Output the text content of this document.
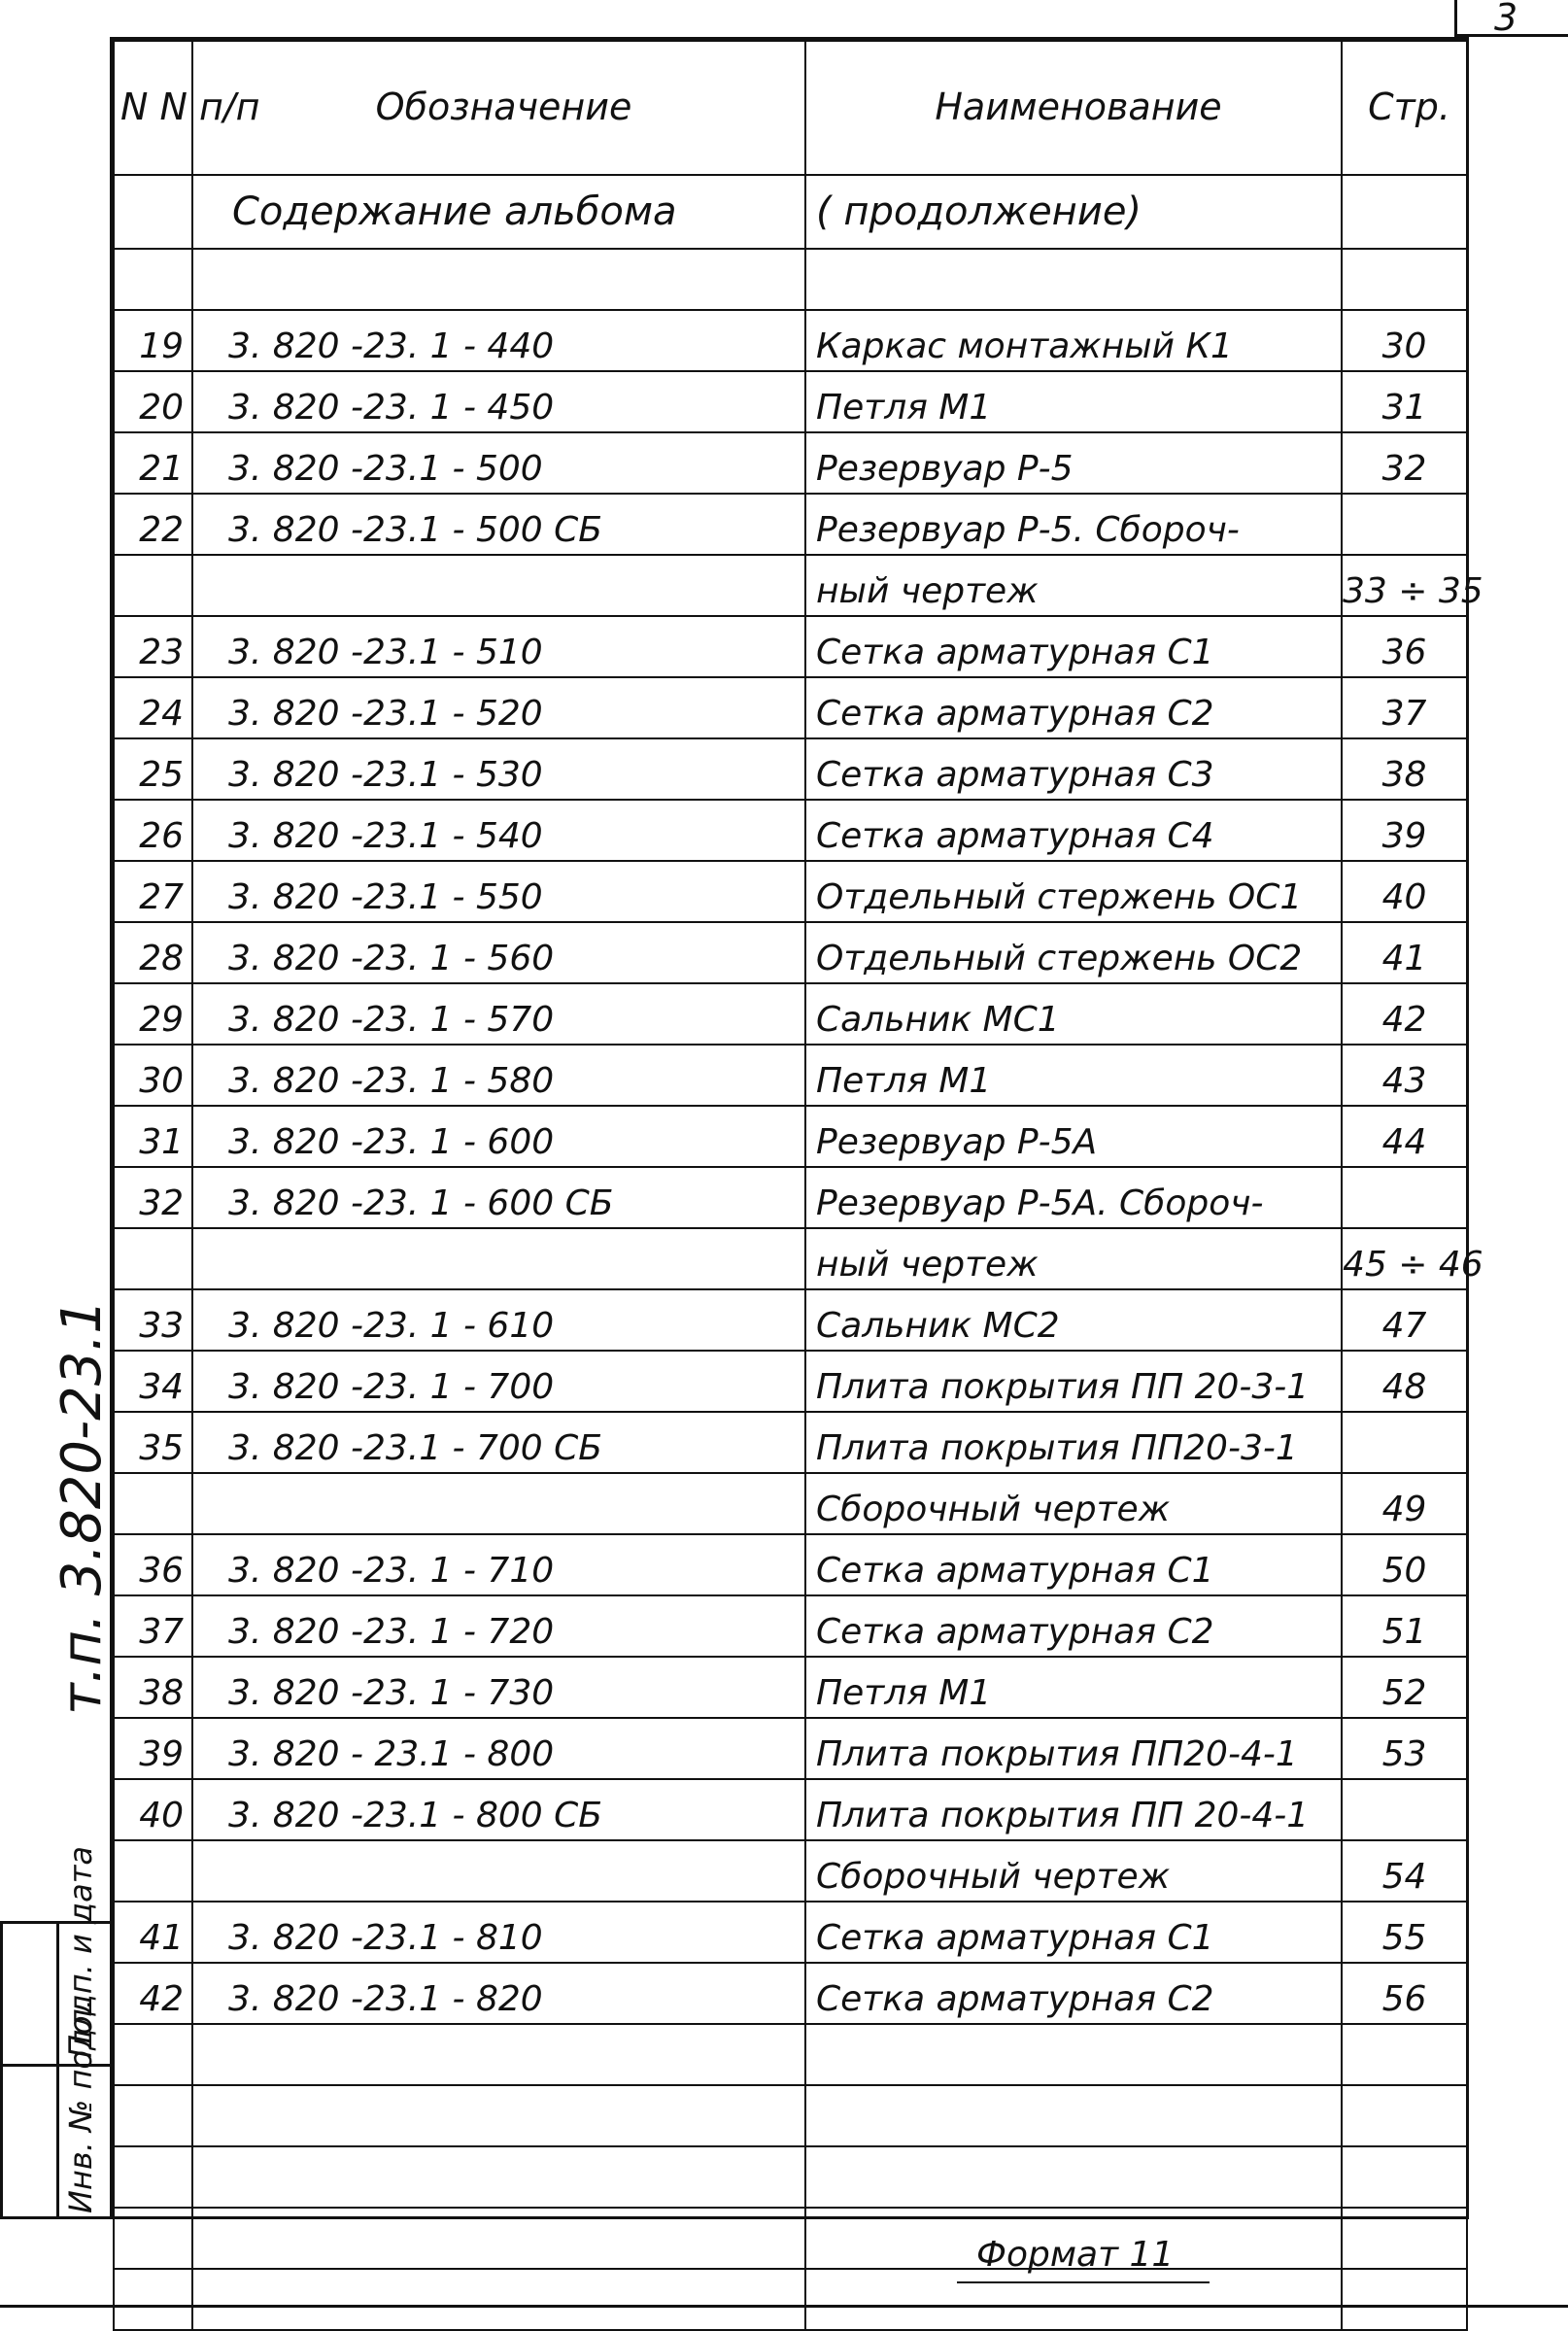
3
N N п/п	Обозначение	Наименование	Стр.
	Содержание альбома	( продолжение)	

19	3. 820 -23. 1 - 440	Каркас монтажный К1	30
20	3. 820 -23. 1 - 450	Петля М1	31
21	3. 820 -23.1 - 500	Резервуар Р-5	32
22	3. 820 -23.1 - 500 СБ	Резервуар Р-5. Сбороч-	
		ный чертеж	33 ÷ 35
23	3. 820 -23.1 - 510	Сетка арматурная С1	36
24	3. 820 -23.1 - 520	Сетка арматурная С2	37
25	3. 820 -23.1 - 530	Сетка арматурная С3	38
26	3. 820 -23.1 - 540	Сетка арматурная С4	39
27	3. 820 -23.1 - 550	Отдельный стержень ОС1	40
28	3. 820 -23. 1 - 560	Отдельный стержень ОС2	41
29	3. 820 -23. 1 - 570	Сальник МС1	42
30	3. 820 -23. 1 - 580	Петля М1	43
31	3. 820 -23. 1 - 600	Резервуар Р-5А	44
32	3. 820 -23. 1 - 600 СБ	Резервуар Р-5А. Сбороч-	
		ный чертеж	45 ÷ 46
33	3. 820 -23. 1 - 610	Сальник МС2	47
34	3. 820 -23. 1 - 700	Плита покрытия ПП 20-3-1	48
35	3. 820 -23.1 - 700 СБ	Плита покрытия ПП20-3-1	
		Сборочный чертеж	49
36	3. 820 -23. 1 - 710	Сетка арматурная С1	50
37	3. 820 -23. 1 - 720	Сетка арматурная С2	51
38	3. 820 -23. 1 - 730	Петля М1	52
39	3. 820 - 23.1 - 800	Плита покрытия ПП20-4-1	53
40	3. 820 -23.1 - 800 СБ	Плита покрытия ПП 20-4-1	
		Сборочный чертеж	54
41	3. 820 -23.1 - 810	Сетка арматурная С1	55
42	3. 820 -23.1 - 820	Сетка арматурная С2	56

т.п. 3.820-23.1
Подп. и дата
Инв. № подл.
Формат 11
